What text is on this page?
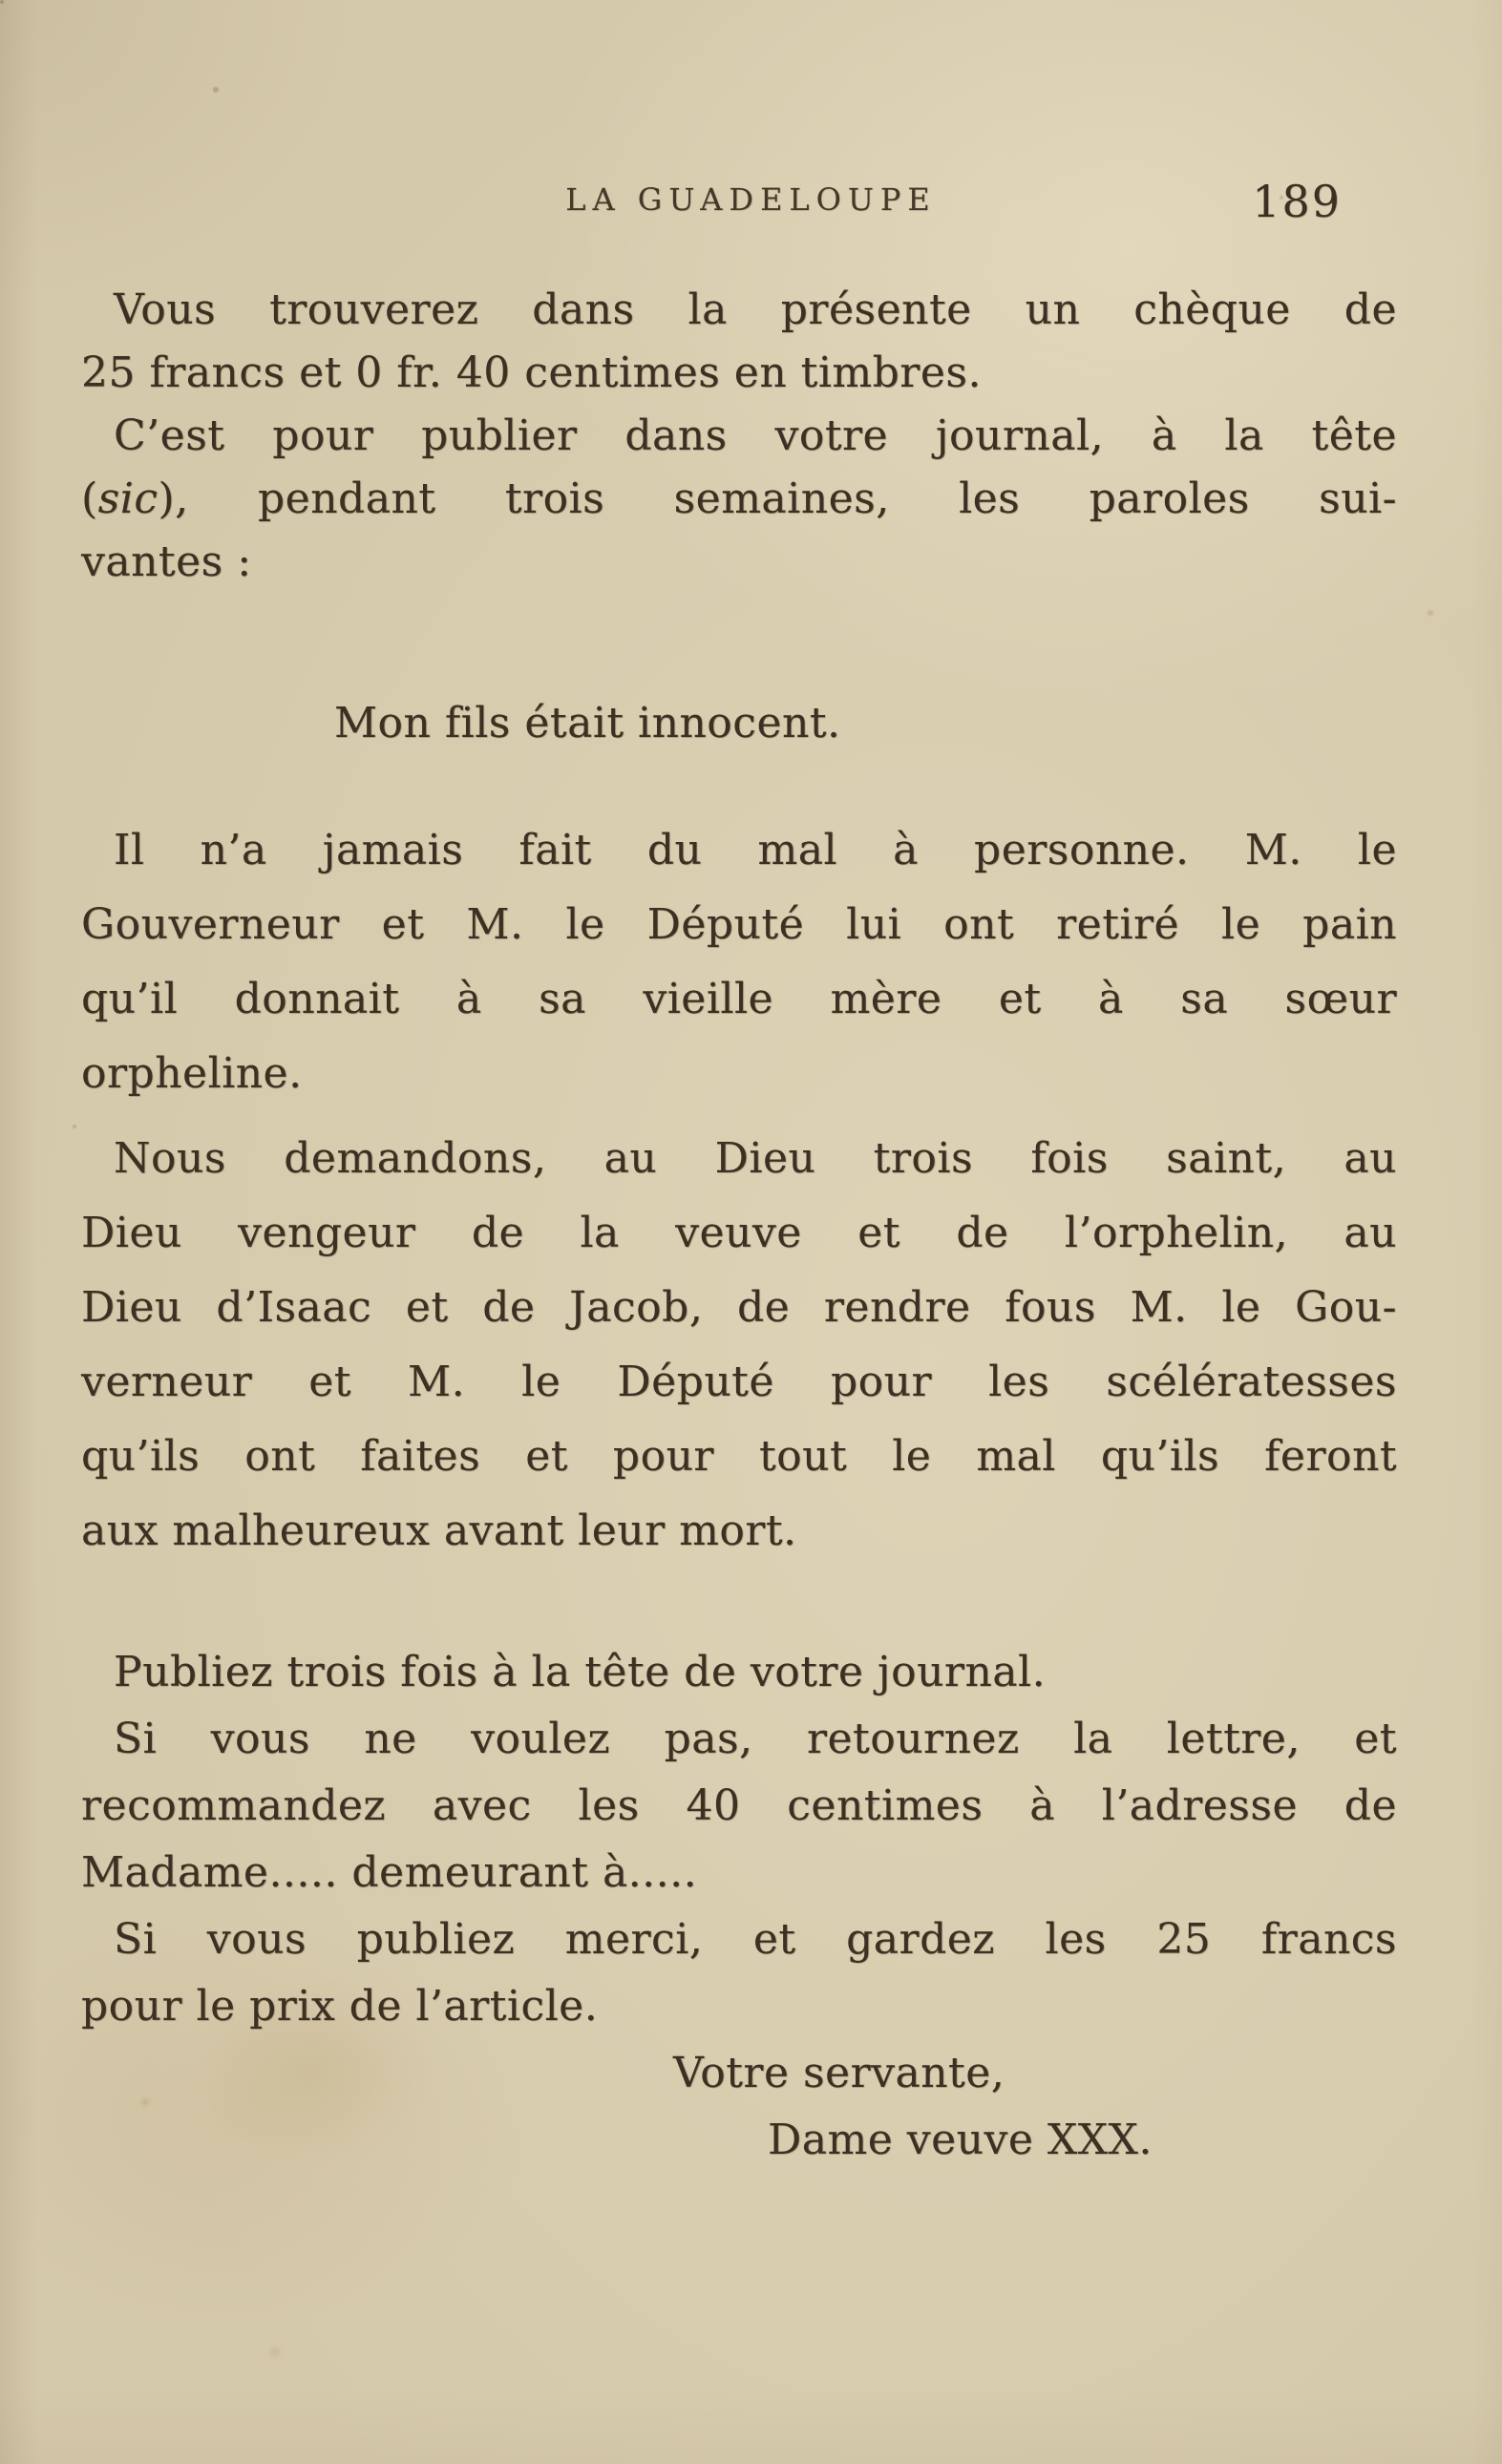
LA GUADELOUPE	189

Vous trouverez dans la présente un chèque de
25 francs et 0 fr. 40 centimes en timbres.

C’est pour publier dans votre journal, à la tête
(sic), pendant trois semaines, les paroles sui-
vantes :

Mon fils était innocent.

Il n’a jamais fait du mal à personne. M. le
Gouverneur et M. le Député lui ont retiré le pain
qu’il donnait à sa vieille mère et à sa sœur
orpheline.

Nous demandons, au Dieu trois fois saint, au
Dieu vengeur de la veuve et de l’orphelin, au
Dieu d’Isaac et de Jacob, de rendre fous M. le Gou-
verneur et M. le Député pour les scélératesses
qu’ils ont faites et pour tout le mal qu’ils feront
aux malheureux avant leur mort.

Publiez trois fois à la tête de votre journal.

Si vous ne voulez pas, retournez la lettre, et
recommandez avec les 40 centimes à l’adresse de
Madame..... demeurant à.....

Si vous publiez merci, et gardez les 25 francs
pour le prix de l’article.

Votre servante,

Dame veuve XXX.
